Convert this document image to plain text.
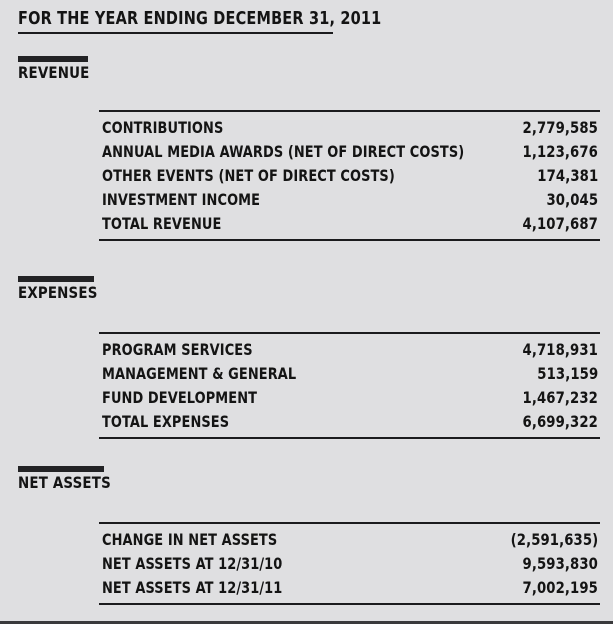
FOR THE YEAR ENDING DECEMBER 31, 2011
REVENUE
CONTRIBUTIONS	2,779,585
ANNUAL MEDIA AWARDS (NET OF DIRECT COSTS)	1,123,676
OTHER EVENTS (NET OF DIRECT COSTS)	174,381
INVESTMENT INCOME	30,045
TOTAL REVENUE	4,107,687
EXPENSES
PROGRAM SERVICES	4,718,931
MANAGEMENT & GENERAL	513,159
FUND DEVELOPMENT	1,467,232
TOTAL EXPENSES	6,699,322
NET ASSETS
CHANGE IN NET ASSETS	(2,591,635)
NET ASSETS AT 12/31/10	9,593,830
NET ASSETS AT 12/31/11	7,002,195
